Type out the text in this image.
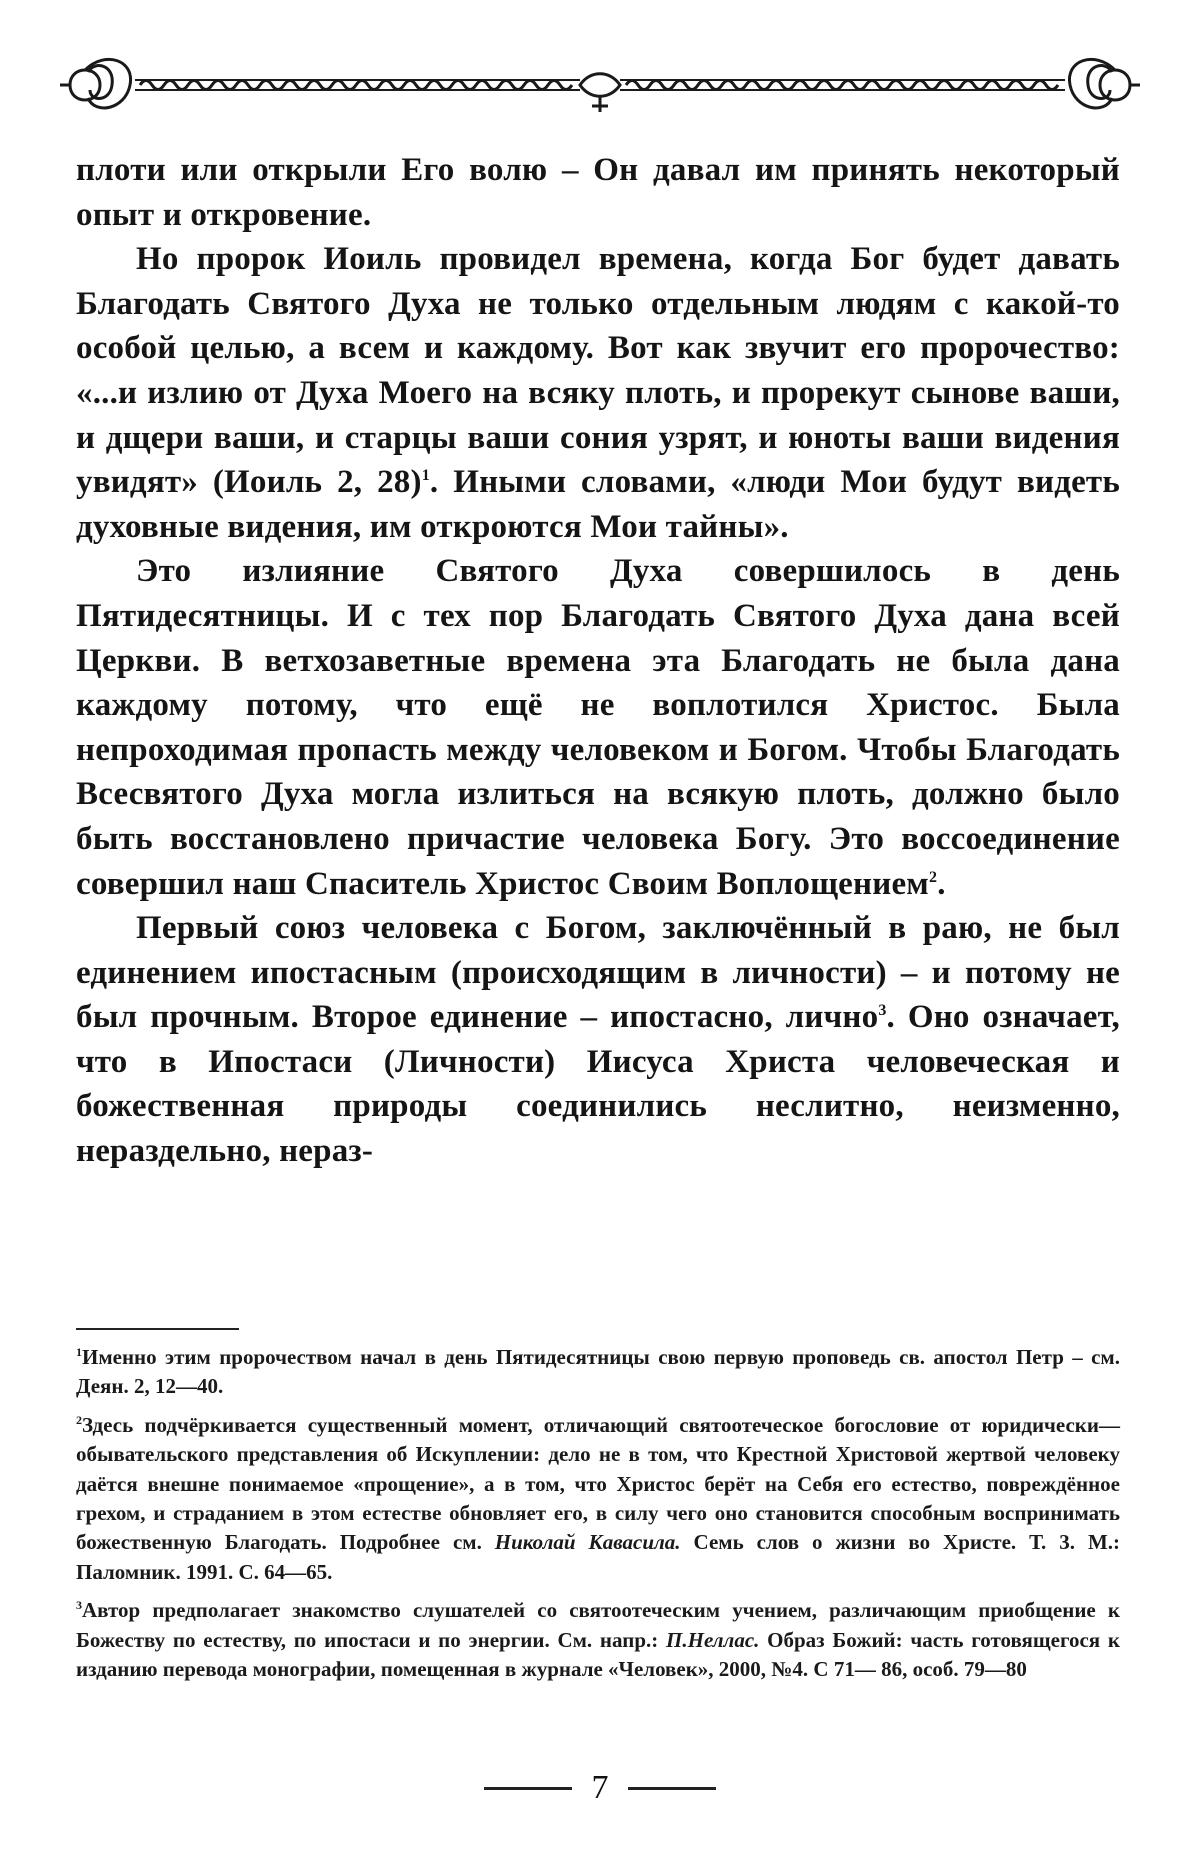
плоти или открыли Его волю – Он давал им принять некоторый опыт и откровение.

Но пророк Иоиль провидел времена, когда Бог будет давать Благодать Святого Духа не только отдельным людям с какой-то особой целью, а всем и каждому. Вот как звучит его пророчество: «...и излию от Духа Моего на всяку плоть, и прорекут сынове ваши, и дщери ваши, и старцы ваши сония узрят, и юноты ваши видения увидят» (Иоиль 2, 28)$^1$. Иными словами, «люди Мои будут видеть духовные видения, им откроются Мои тайны».

Это излияние Святого Духа совершилось в день Пятидесятницы. И с тех пор Благодать Святого Духа дана всей Церкви. В ветхозаветные времена эта Благодать не была дана каждому потому, что ещё не воплотился Христос. Была непроходимая пропасть между человеком и Богом. Чтобы Благодать Всесвятого Духа могла излиться на всякую плоть, должно было быть восстановлено причастие человека Богу. Это воссоединение совершил наш Спаситель Христос Своим Воплощением$^2$.

Первый союз человека с Богом, заключённый в раю, не был единением ипостасным (происходящим в личности) – и потому не был прочным. Второе единение – ипостасно, лично$^3$. Оно означает, что в Ипостаси (Личности) Иисуса Христа человеческая и божественная природы соединились неслитно, неизменно, нераздельно, нераз-

$^1$Именно этим пророчеством начал в день Пятидесятницы свою первую проповедь св. апостол Петр – см. Деян. 2, 12—40.

$^2$Здесь подчёркивается существенный момент, отличающий святоотеческое богословие от юридически—обывательского представления об Искуплении: дело не в том, что Крестной Христовой жертвой человеку даётся внешне понимаемое «прощение», а в том, что Христос берёт на Себя его естество, повреждённое грехом, и страданием в этом естестве обновляет его, в силу чего оно становится способным воспринимать божественную Благодать. Подробнее см. Николай Кавасила. Семь слов о жизни во Христе. Т. 3. М.: Паломник. 1991. С. 64—65.

$^3$Автор предполагает знакомство слушателей со святоотеческим учением, различающим приобщение к Божеству по естеству, по ипостаси и по энергии. См. напр.: П.Неллас. Образ Божий: часть готовящегося к изданию перевода монографии, помещенная в журнале «Человек», 2000, №4. С 71— 86, особ. 79—80

7
